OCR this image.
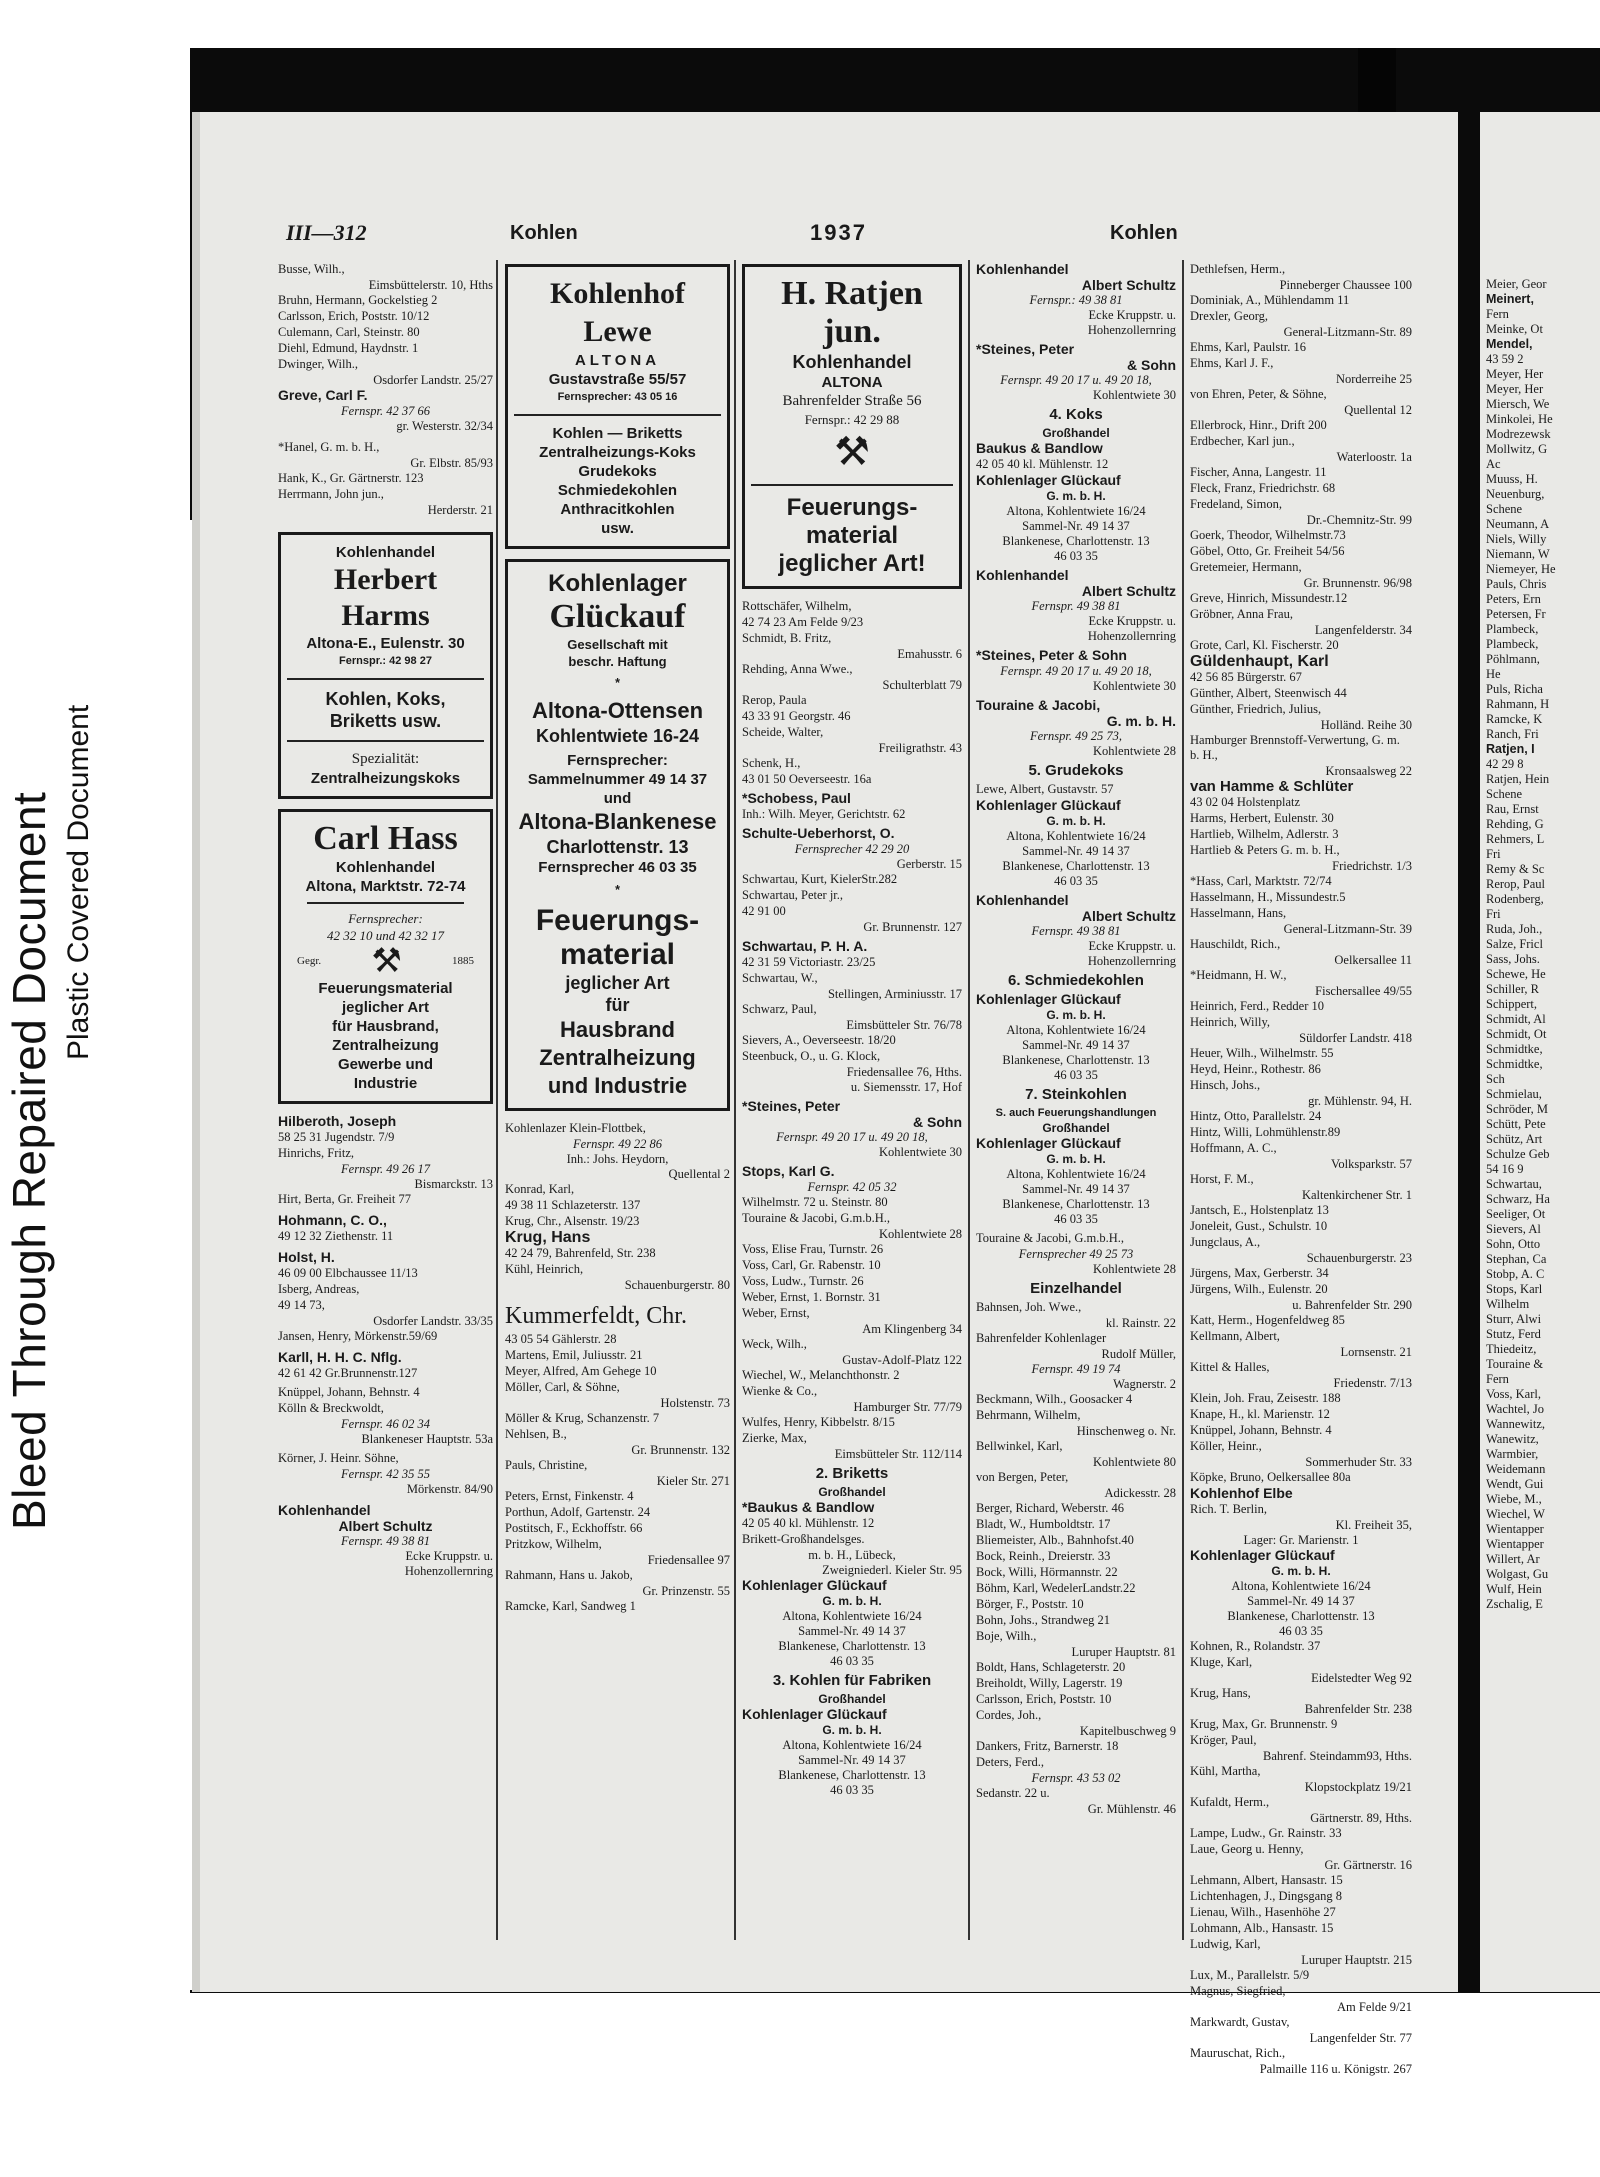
Bleed Through Repaired Document Plastic Covered Document
Meier, Geor
Meinert,
Fern
Meinke, Ot
Mendel,
43 59 2
Meyer, Her
Meyer, Her
Miersch, We
Minkolei, He
Modrezewsk
Mollwitz, G
Ac
Muuss, H.
Neuenburg,
Schene
Neumann, A
Niels, Willy
Niemann, W
Niemeyer, He
Pauls, Chris
Peters, Ern
Petersen, Fr
Plambeck,
Plambeck,
Pöhlmann,
He
Puls, Richa
Rahmann, H
Ramcke, K
Ranch, Fri
Ratjen, I
42 29 8
Ratjen, Hein
Schene
Rau, Ernst
Rehding, G
Rehmers, L
Fri
Remy & Sc
Rerop, Paul
Rodenberg,
Fri
Ruda, Joh.,
Salze, Fricl
Sass, Johs.
Schewe, He
Schiller, R
Schippert,
Schmidt, Al
Schmidt, Ot
Schmidtke,
Schmidtke,
Sch
Schmielau,
Schröder, M
Schütt, Pete
Schütz, Art
Schulze Geb
54 16 9
Schwartau,
Schwarz, Ha
Seeliger, Ot
Sievers, Al
Sohn, Otto
Stephan, Ca
Stobp, A. C
Stops, Karl
Wilhelm
Sturr, Alwi
Stutz, Ferd
Thiedeitz,
Touraine &
Fern
Voss, Karl,
Wachtel, Jo
Wannewitz,
Wanewitz,
Warmbier,
Weidemann
Wendt, Gui
Wiebe, M.,
Wiechel, W
Wientapper
Wientapper
Willert, Ar
Wolgast, Gu
Wulf, Hein
Zschalig, E
III—312	Kohlen	1937	Kohlen
Busse, Wilh.,
Eimsbüttelerstr. 10, Hths
Bruhn, Hermann, Gockelstieg 2
Carlsson, Erich, Poststr. 10/12
Culemann, Carl, Steinstr. 80
Diehl, Edmund, Haydnstr. 1
Dwinger, Wilh.,
Osdorfer Landstr. 25/27
Greve, Carl F.
Fernspr. 42 37 66
gr. Westerstr. 32/34
*Hanel, G. m. b. H.,
Gr. Elbstr. 85/93
Hank, K., Gr. Gärtnerstr. 123
Herrmann, John jun.,
Herderstr. 21
Kohlenhandel
Herbert Harms
Altona-E., Eulenstr. 30
Fernspr.: 42 98 27
Kohlen, Koks,
Briketts usw.
Spezialität:
Zentralheizungskoks
Carl Hass
Kohlenhandel
Altona, Marktstr. 72-74
Fernsprecher:
42 32 10 und 42 32 17
Gegr. ⚒	1885
Feuerungsmaterial
jeglicher Art
für Hausbrand,
Zentralheizung
Gewerbe und
Industrie
Hilberoth, Joseph
58 25 31 Jugendstr. 7/9
Hinrichs, Fritz,
Fernspr. 49 26 17
Bismarckstr. 13
Hirt, Berta, Gr. Freiheit 77
Hohmann, C. O.,
49 12 32 Ziethenstr. 11
Holst, H.
46 09 00 Elbchaussee 11/13
Isberg, Andreas,
49 14 73,
Osdorfer Landstr. 33/35
Jansen, Henry, Mörkenstr.59/69
Karll, H. H. C. Nflg.
42 61 42 Gr.Brunnenstr.127
Knüppel, Johann, Behnstr. 4
Kölln & Breckwoldt,
Fernspr. 46 02 34
Blankeneser Hauptstr. 53a
Körner, J. Heinr. Söhne,
Fernspr. 42 35 55
Mörkenstr. 84/90
Kohlenhandel
Albert Schultz
Fernspr. 49 38 81
Ecke Kruppstr. u.
Hohenzollernring
Kohlenhof Lewe
ALTONA
Gustavstraße 55/57
Fernsprecher: 43 05 16
Kohlen — Briketts
Zentralheizungs-Koks
Grudekoks
Schmiedekohlen
Anthracitkohlen
usw.
Kohlenlager
Glückauf
Gesellschaft mit
beschr. Haftung
*
Altona-Ottensen
Kohlentwiete 16-24
Fernsprecher:
Sammelnummer 49 14 37
und
Altona-Blankenese
Charlottenstr. 13
Fernsprecher 46 03 35
*
Feuerungs-
material
jeglicher Art
für
Hausbrand
Zentralheizung
und Industrie
Kohlenlazer Klein-Flottbek,
Fernspr. 49 22 86
Inh.: Johs. Heydorn,
Quellental 2
Konrad, Karl,
49 38 11 Schlazeterstr. 137
Krug, Chr., Alsenstr. 19/23
Krug, Hans
42 24 79, Bahrenfeld, Str. 238
Kühl, Heinrich,
Schauenburgerstr. 80
Kummerfeldt, Chr.
43 05 54 Gählerstr. 28
Martens, Emil, Juliusstr. 21
Meyer, Alfred, Am Gehege 10
Möller, Carl, & Söhne,
Holstenstr. 73
Möller & Krug, Schanzenstr. 7
Nehlsen, B.,
Gr. Brunnenstr. 132
Pauls, Christine,
Kieler Str. 271
Peters, Ernst, Finkenstr. 4
Porthun, Adolf, Gartenstr. 24
Postitsch, F., Eckhoffstr. 66
Pritzkow, Wilhelm,
Friedensallee 97
Rahmann, Hans u. Jakob,
Gr. Prinzenstr. 55
Ramcke, Karl, Sandweg 1
H. Ratjen jun.
Kohlenhandel
ALTONA
Bahrenfelder Straße 56
Fernspr.: 42 29 88
⚒
Feuerungs-
material
jeglicher Art!
Rottschäfer, Wilhelm,
42 74 23 Am Felde 9/23
Schmidt, B. Fritz,
Emahusstr. 6
Rehding, Anna Wwe.,
Schulterblatt 79
Rerop, Paula
43 33 91 Georgstr. 46
Scheide, Walter,
Freiligrathstr. 43
Schenk, H.,
43 01 50 Oeverseestr. 16a
*Schobess, Paul
Inh.: Wilh. Meyer, Gerichtstr. 62
Schulte-Ueberhorst, O.
Fernsprecher 42 29 20
Gerberstr. 15
Schwartau, Kurt, KielerStr.282
Schwartau, Peter jr.,
42 91 00
Gr. Brunnenstr. 127
Schwartau, P. H. A.
42 31 59 Victoriastr. 23/25
Schwartau, W.,
Stellingen, Arminiusstr. 17
Schwarz, Paul,
Eimsbütteler Str. 76/78
Sievers, A., Oeverseestr. 18/20
Steenbuck, O., u. G. Klock,
Friedensallee 76, Hths.
u. Siemensstr. 17, Hof
*Steines, Peter
& Sohn
Fernspr. 49 20 17 u. 49 20 18,
Kohlentwiete 30
Stops, Karl G.
Fernspr. 42 05 32
Wilhelmstr. 72 u. Steinstr. 80
Touraine & Jacobi, G.m.b.H.,
Kohlentwiete 28
Voss, Elise Frau, Turnstr. 26
Voss, Carl, Gr. Rabenstr. 10
Voss, Ludw., Turnstr. 26
Weber, Ernst, 1. Bornstr. 31
Weber, Ernst,
Am Klingenberg 34
Weck, Wilh.,
Gustav-Adolf-Platz 122
Wiechel, W., Melanchthonstr. 2
Wienke & Co.,
Hamburger Str. 77/79
Wulfes, Henry, Kibbelstr. 8/15
Zierke, Max,
Eimsbütteler Str. 112/114
2. Briketts
Großhandel
*Baukus & Bandlow
42 05 40 kl. Mühlenstr. 12
Brikett-Großhandelsges.
m. b. H., Lübeck,
Zweigniederl. Kieler Str. 95
Kohlenlager Glückauf
G. m. b. H.
Altona, Kohlentwiete 16/24
Sammel-Nr. 49 14 37
Blankenese, Charlottenstr. 13
46 03 35
3. Kohlen für Fabriken
Großhandel
Kohlenlager Glückauf
G. m. b. H.
Altona, Kohlentwiete 16/24
Sammel-Nr. 49 14 37
Blankenese, Charlottenstr. 13
46 03 35
Kohlenhandel
Albert Schultz
Fernspr.: 49 38 81
Ecke Kruppstr. u.
Hohenzollernring
*Steines, Peter
& Sohn
Fernspr. 49 20 17 u. 49 20 18,
Kohlentwiete 30
4. Koks
Großhandel
Baukus & Bandlow
42 05 40 kl. Mühlenstr. 12
Kohlenlager Glückauf
G. m. b. H.
Altona, Kohlentwiete 16/24
Sammel-Nr. 49 14 37
Blankenese, Charlottenstr. 13
46 03 35
Kohlenhandel
Albert Schultz
Fernspr. 49 38 81
Ecke Kruppstr. u.
Hohenzollernring
*Steines, Peter & Sohn
Fernspr. 49 20 17 u. 49 20 18,
Kohlentwiete 30
Touraine & Jacobi,
G. m. b. H.
Fernspr. 49 25 73,
Kohlentwiete 28
5. Grudekoks
Lewe, Albert, Gustavstr. 57
Kohlenlager Glückauf
G. m. b. H.
Altona, Kohlentwiete 16/24
Sammel-Nr. 49 14 37
Blankenese, Charlottenstr. 13
46 03 35
Kohlenhandel
Albert Schultz
Fernspr. 49 38 81
Ecke Kruppstr. u.
Hohenzollernring
6. Schmiedekohlen
Kohlenlager Glückauf
G. m. b. H.
Altona, Kohlentwiete 16/24
Sammel-Nr. 49 14 37
Blankenese, Charlottenstr. 13
46 03 35
7. Steinkohlen
S. auch Feuerungshandlungen
Großhandel
Kohlenlager Glückauf
G. m. b. H.
Altona, Kohlentwiete 16/24
Sammel-Nr. 49 14 37
Blankenese, Charlottenstr. 13
46 03 35
Touraine & Jacobi, G.m.b.H.,
Fernsprecher 49 25 73
Kohlentwiete 28
Einzelhandel
Bahnsen, Joh. Wwe.,
kl. Rainstr. 22
Bahrenfelder Kohlenlager
Rudolf Müller,
Fernspr. 49 19 74
Wagnerstr. 2
Beckmann, Wilh., Goosacker 4
Behrmann, Wilhelm,
Hinschenweg o. Nr.
Bellwinkel, Karl,
Kohlentwiete 80
von Bergen, Peter,
Adickesstr. 28
Berger, Richard, Weberstr. 46
Bladt, W., Humboldtstr. 17
Bliemeister, Alb., Bahnhofst.40
Bock, Reinh., Dreierstr. 33
Bock, Willi, Hörmannstr. 22
Böhm, Karl, WedelerLandstr.22
Börger, F., Poststr. 10
Bohn, Johs., Strandweg 21
Boje, Wilh.,
Luruper Hauptstr. 81
Boldt, Hans, Schlageterstr. 20
Breiholdt, Willy, Lagerstr. 19
Carlsson, Erich, Poststr. 10
Cordes, Joh.,
Kapitelbuschweg 9
Dankers, Fritz, Barnerstr. 18
Deters, Ferd.,
Fernspr. 43 53 02
Sedanstr. 22 u.
Gr. Mühlenstr. 46
Dethlefsen, Herm.,
Pinneberger Chaussee 100
Dominiak, A., Mühlendamm 11
Drexler, Georg,
General-Litzmann-Str. 89
Ehms, Karl, Paulstr. 16
Ehms, Karl J. F.,
Norderreihe 25
von Ehren, Peter, & Söhne,
Quellental 12
Ellerbrock, Hinr., Drift 200
Erdbecher, Karl jun.,
Waterloostr. 1a
Fischer, Anna, Langestr. 11
Fleck, Franz, Friedrichstr. 68
Fredeland, Simon,
Dr.-Chemnitz-Str. 99
Goerk, Theodor, Wilhelmstr.73
Göbel, Otto, Gr. Freiheit 54/56
Gretemeier, Hermann,
Gr. Brunnenstr. 96/98
Greve, Hinrich, Missundestr.12
Gröbner, Anna Frau,
Langenfelderstr. 34
Grote, Carl, Kl. Fischerstr. 20
Güldenhaupt, Karl
42 56 85 Bürgerstr. 67
Günther, Albert, Steenwisch 44
Günther, Friedrich, Julius,
Holländ. Reihe 30
Hamburger Brennstoff-Verwertung, G. m. b. H.,
Kronsaalsweg 22
van Hamme & Schlüter
43 02 04 Holstenplatz
Harms, Herbert, Eulenstr. 30
Hartlieb, Wilhelm, Adlerstr. 3
Hartlieb & Peters G. m. b. H.,
Friedrichstr. 1/3
*Hass, Carl, Marktstr. 72/74
Hasselmann, H., Missundestr.5
Hasselmann, Hans,
General-Litzmann-Str. 39
Hauschildt, Rich.,
Oelkersallee 11
*Heidmann, H. W.,
Fischersallee 49/55
Heinrich, Ferd., Redder 10
Heinrich, Willy,
Süldorfer Landstr. 418
Heuer, Wilh., Wilhelmstr. 55
Heyd, Heinr., Rothestr. 86
Hinsch, Johs.,
gr. Mühlenstr. 94, H.
Hintz, Otto, Parallelstr. 24
Hintz, Willi, Lohmühlenstr.89
Hoffmann, A. C.,
Volksparkstr. 57
Horst, F. M.,
Kaltenkirchener Str. 1
Jantsch, E., Holstenplatz 13
Joneleit, Gust., Schulstr. 10
Jungclaus, A.,
Schauenburgerstr. 23
Jürgens, Max, Gerberstr. 34
Jürgens, Wilh., Eulenstr. 20
u. Bahrenfelder Str. 290
Katt, Herm., Hogenfeldweg 85
Kellmann, Albert,
Lornsenstr. 21
Kittel & Halles,
Friedenstr. 7/13
Klein, Joh. Frau, Zeisestr. 188
Knape, H., kl. Marienstr. 12
Knüppel, Johann, Behnstr. 4
Köller, Heinr.,
Sommerhuder Str. 33
Köpke, Bruno, Oelkersallee 80a
Kohlenhof Elbe
Rich. T. Berlin,
Kl. Freiheit 35,
Lager: Gr. Marienstr. 1
Kohlenlager Glückauf
G. m. b. H.
Altona, Kohlentwiete 16/24
Sammel-Nr. 49 14 37
Blankenese, Charlottenstr. 13
46 03 35
Kohnen, R., Rolandstr. 37
Kluge, Karl,
Eidelstedter Weg 92
Krug, Hans,
Bahrenfelder Str. 238
Krug, Max, Gr. Brunnenstr. 9
Kröger, Paul,
Bahrenf. Steindamm93, Hths.
Kühl, Martha,
Klopstockplatz 19/21
Kufaldt, Herm.,
Gärtnerstr. 89, Hths.
Lampe, Ludw., Gr. Rainstr. 33
Laue, Georg u. Henny,
Gr. Gärtnerstr. 16
Lehmann, Albert, Hansastr. 15
Lichtenhagen, J., Dingsgang 8
Lienau, Wilh., Hasenhöhe 27
Lohmann, Alb., Hansastr. 15
Ludwig, Karl,
Luruper Hauptstr. 215
Lux, M., Parallelstr. 5/9
Magnus, Siegfried,
Am Felde 9/21
Markwardt, Gustav,
Langenfelder Str. 77
Mauruschat, Rich.,
Palmaille 116 u. Königstr. 267
